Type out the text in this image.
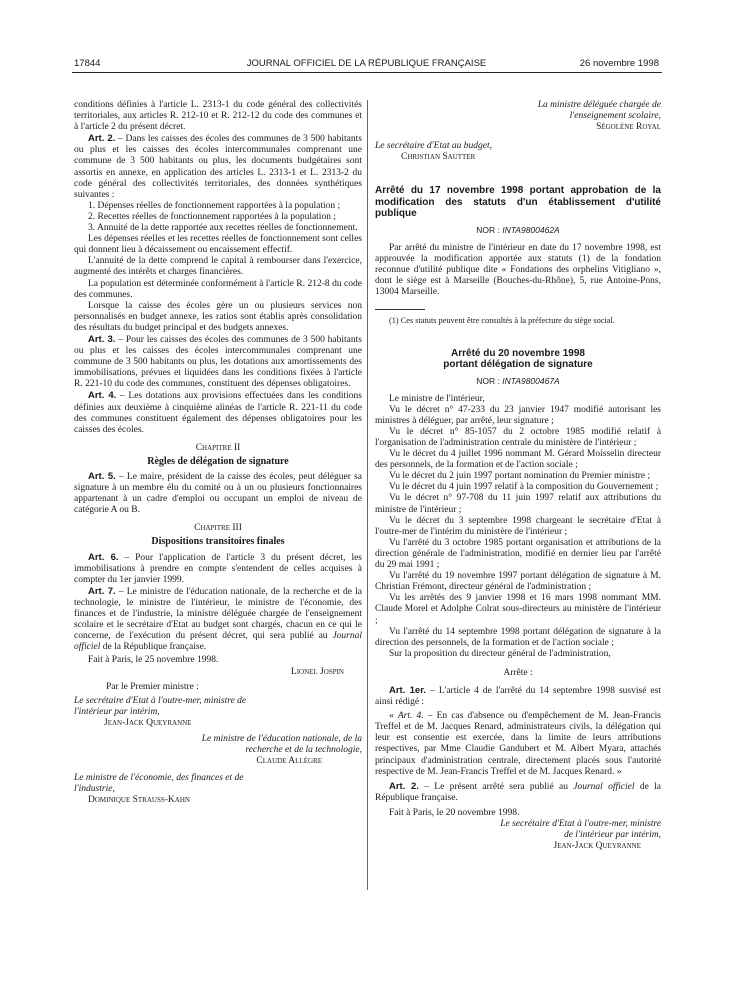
17844	JOURNAL OFFICIEL DE LA RÉPUBLIQUE FRANÇAISE	26 novembre 1998

conditions définies à l'article L. 2313-1 du code général des collectivités territoriales, aux articles R. 212-10 et R. 212-12 du code des communes et à l'article 2 du présent décret.

Art. 2. – Dans les caisses des écoles des communes de 3 500 habitants ou plus et les caisses des écoles intercommunales comprenant une commune de 3 500 habitants ou plus, les documents budgétaires sont assortis en annexe, en application des articles L. 2313-1 et L. 2313-2 du code général des collectivités territoriales, des données synthétiques suivantes :

1. Dépenses réelles de fonctionnement rapportées à la population ;

2. Recettes réelles de fonctionnement rapportées à la population ;

3. Annuité de la dette rapportée aux recettes réelles de fonctionnement.

Les dépenses réelles et les recettes réelles de fonctionnement sont celles qui donnent lieu à décaissement ou encaissement effectif.

L'annuité de la dette comprend le capital à rembourser dans l'exercice, augmenté des intérêts et charges financières.

La population est déterminée conformément à l'article R. 212-8 du code des communes.

Lorsque la caisse des écoles gère un ou plusieurs services non personnalisés en budget annexe, les ratios sont établis après consolidation des résultats du budget principal et des budgets annexes.

Art. 3. – Pour les caisses des écoles des communes de 3 500 habitants ou plus et les caisses des écoles intercommunales comprenant une commune de 3 500 habitants ou plus, les dotations aux amortissements des immobilisations, prévues et liquidées dans les conditions fixées à l'article R. 221-10 du code des communes, constituent des dépenses obligatoires.

Art. 4. – Les dotations aux provisions effectuées dans les conditions définies aux deuxième à cinquième alinéas de l'article R. 221-11 du code des communes constituent également des dépenses obligatoires pour les caisses des écoles.

Chapitre II
Règles de délégation de signature

Art. 5. – Le maire, président de la caisse des écoles, peut déléguer sa signature à un membre élu du comité ou à un ou plusieurs fonctionnaires appartenant à un cadre d'emploi ou occupant un emploi de niveau de catégorie A ou B.

Chapitre III
Dispositions transitoires finales

Art. 6. – Pour l'application de l'article 3 du présent décret, les immobilisations à prendre en compte s'entendent de celles acquises à compter du 1er janvier 1999.

Art. 7. – Le ministre de l'éducation nationale, de la recherche et de la technologie, le ministre de l'intérieur, le ministre de l'économie, des finances et de l'industrie, la ministre déléguée chargée de l'enseignement scolaire et le secrétaire d'Etat au budget sont chargés, chacun en ce qui le concerne, de l'exécution du présent décret, qui sera publié au Journal officiel de la République française.

Fait à Paris, le 25 novembre 1998.

Lionel Jospin

Par le Premier ministre :

Le secrétaire d'Etat à l'outre-mer, ministre de l'intérieur par intérim,

Jean-Jack Queyranne

Le ministre de l'éducation nationale, de la recherche et de la technologie,

Claude Allègre

Le ministre de l'économie, des finances et de l'industrie,

Dominique Strauss-Kahn

La ministre déléguée chargée de l'enseignement scolaire,

Ségolène Royal

Le secrétaire d'Etat au budget,

Christian Sautter

Arrêté du 17 novembre 1998 portant approbation de la modification des statuts d'un établissement d'utilité publique

NOR : INTA9800462A

Par arrêté du ministre de l'intérieur en date du 17 novembre 1998, est approuvée la modification apportée aux statuts (1) de la fondation reconnue d'utilité publique dite « Fondations des orphelins Vitigliano », dont le siège est à Marseille (Bouches-du-Rhône), 5, rue Antoine-Pons, 13004 Marseille.

(1) Ces statuts peuvent être consultés à la préfecture du siège social.

Arrêté du 20 novembre 1998

portant délégation de signature

NOR : INTA9800467A

Le ministre de l'intérieur,

Vu le décret n° 47-233 du 23 janvier 1947 modifié autorisant les ministres à déléguer, par arrêté, leur signature ;

Vu le décret n° 85-1057 du 2 octobre 1985 modifié relatif à l'organisation de l'administration centrale du ministère de l'intérieur ;

Vu le décret du 4 juillet 1996 nommant M. Gérard Moisselin directeur des personnels, de la formation et de l'action sociale ;

Vu le décret du 2 juin 1997 portant nomination du Premier ministre ;

Vu le décret du 4 juin 1997 relatif à la composition du Gouvernement ;

Vu le décret n° 97-708 du 11 juin 1997 relatif aux attributions du ministre de l'intérieur ;

Vu le décret du 3 septembre 1998 chargeant le secrétaire d'Etat à l'outre-mer de l'intérim du ministère de l'intérieur ;

Vu l'arrêté du 3 octobre 1985 portant organisation et attributions de la direction générale de l'administration, modifié en dernier lieu par l'arrêté du 29 mai 1991 ;

Vu l'arrêté du 19 novembre 1997 portant délégation de signature à M. Christian Frémont, directeur général de l'administration ;

Vu les arrêtés des 9 janvier 1998 et 16 mars 1998 nommant MM. Claude Morel et Adolphe Colrat sous-directeurs au ministère de l'intérieur ;

Vu l'arrêté du 14 septembre 1998 portant délégation de signature à la direction des personnels, de la formation et de l'action sociale ;

Sur la proposition du directeur général de l'administration,

Arrête :

Art. 1er. – L'article 4 de l'arrêté du 14 septembre 1998 susvisé est ainsi rédigé :

« Art. 4. – En cas d'absence ou d'empêchement de M. Jean-Francis Treffel et de M. Jacques Renard, administrateurs civils, la délégation qui leur est consentie est exercée, dans la limite de leurs attributions respectives, par Mme Claudie Gandubert et M. Albert Myara, attachés principaux d'administration centrale, directement placés sous l'autorité respective de M. Jean-Francis Treffel et de M. Jacques Renard. »

Art. 2. – Le présent arrêté sera publié au Journal officiel de la République française.

Fait à Paris, le 20 novembre 1998.

Le secrétaire d'Etat à l'outre-mer, ministre de l'intérieur par intérim,

Jean-Jack Queyranne
